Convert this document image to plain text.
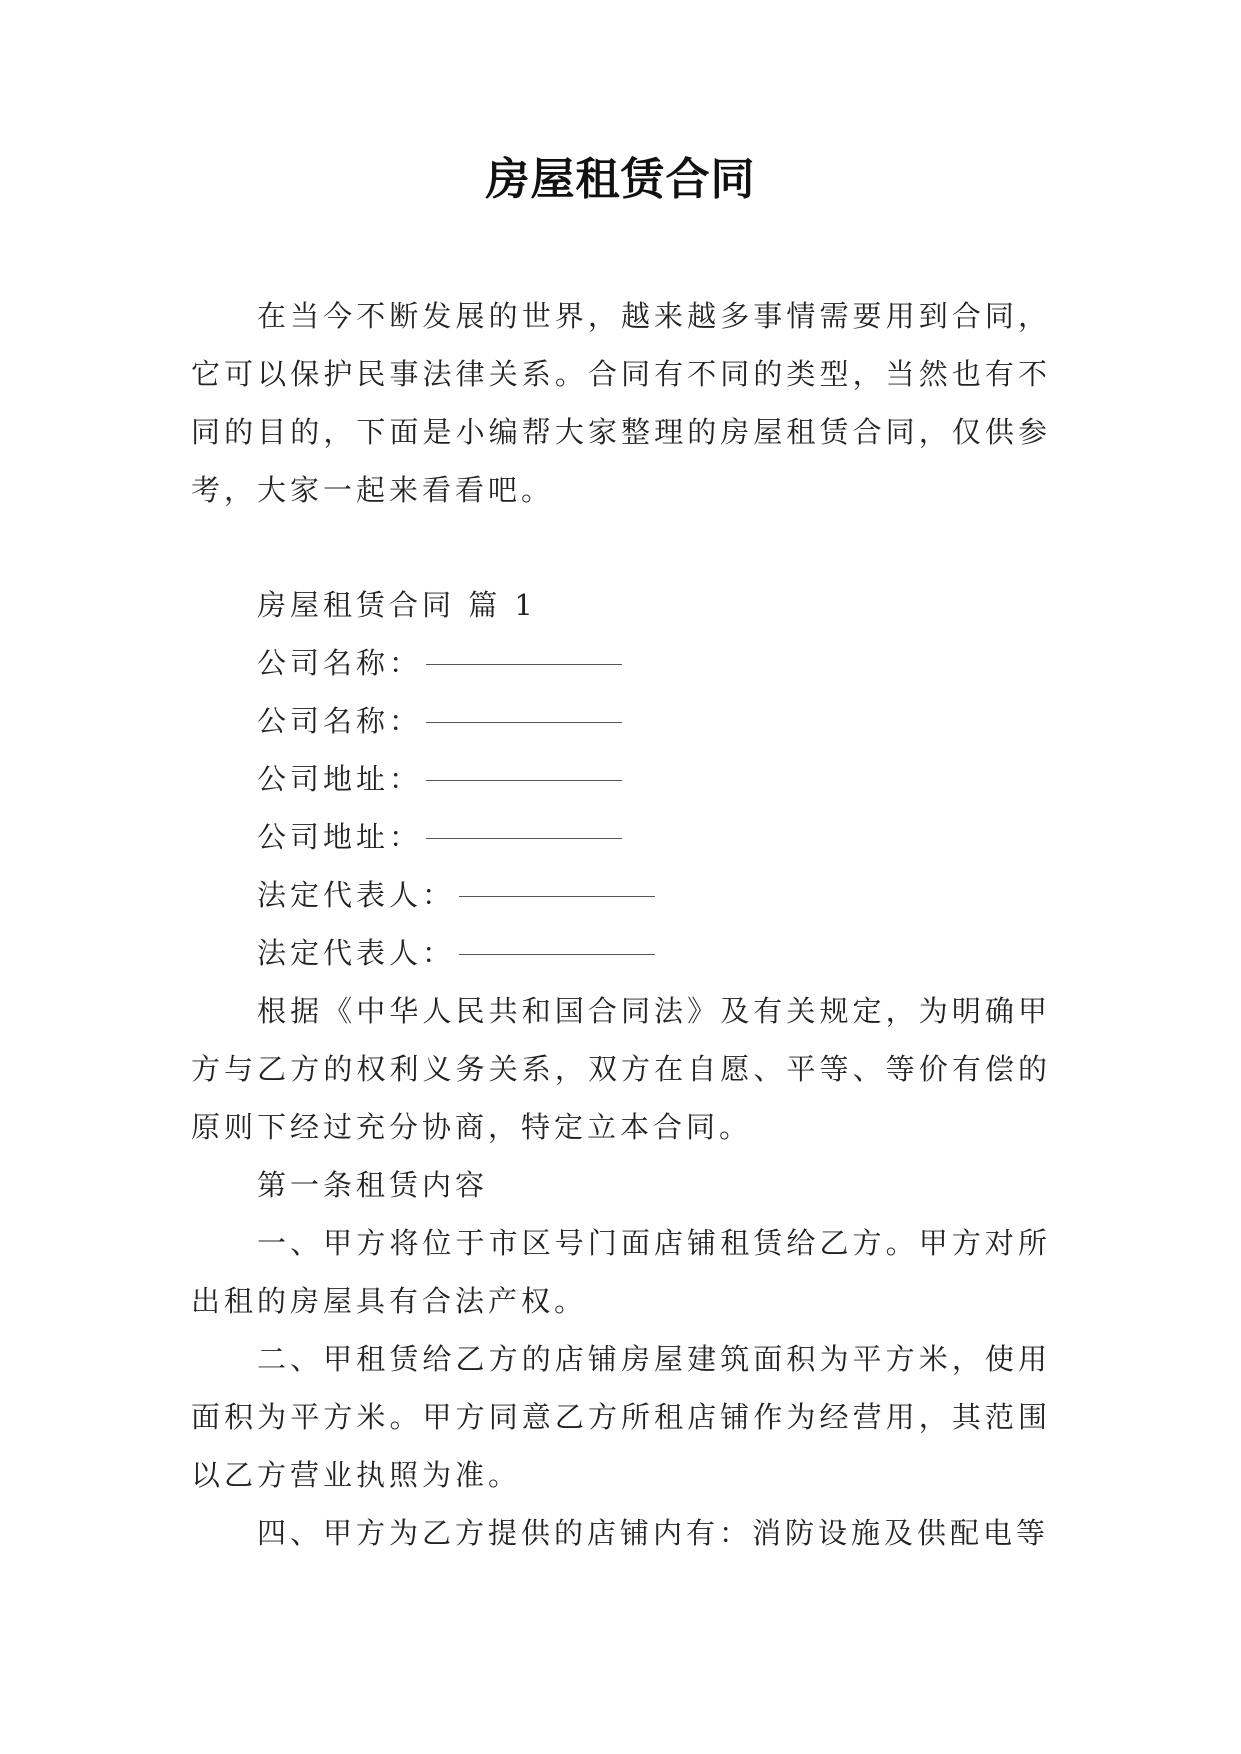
房屋租赁合同

在当今不断发展的世界，越来越多事情需要用到合同，它可以保护民事法律关系。合同有不同的类型，当然也有不同的目的，下面是小编帮大家整理的房屋租赁合同，仅供参考，大家一起来看看吧。

房屋租赁合同 篇 1

公司名称：

公司名称：

公司地址：

公司地址：

法定代表人：

法定代表人：

根据《中华人民共和国合同法》及有关规定，为明确甲方与乙方的权利义务关系，双方在自愿、平等、等价有偿的原则下经过充分协商，特定立本合同。

第一条租赁内容

一、甲方将位于市区号门面店铺租赁给乙方。甲方对所出租的房屋具有合法产权。

二、甲租赁给乙方的店铺房屋建筑面积为平方米，使用面积为平方米。甲方同意乙方所租店铺作为经营用，其范围以乙方营业执照为准。

四、甲方为乙方提供的店铺内有：消防设施及供配电等
